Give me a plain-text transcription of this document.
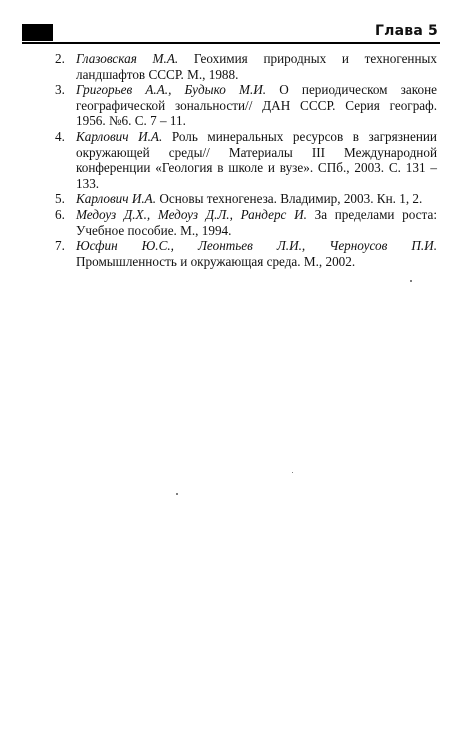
Глава 5
2. Глазовская М.А. Геохимия природных и техногенных ландшафтов СССР. М., 1988.
3. Григорьев А.А., Будыко М.И. О периодическом законе географической зональности// ДАН СССР. Серия географ. 1956. №6. С. 7 – 11.
4. Карлович И.А. Роль минеральных ресурсов в загрязнении окружающей среды// Материалы III Международной конференции «Геология в школе и вузе». СПб., 2003. С. 131 – 133.
5. Карлович И.А. Основы техногенеза. Владимир, 2003. Кн. 1, 2.
6. Медоуз Д.Х., Медоуз Д.Л., Рандерс И. За пределами роста: Учебное пособие. М., 1994.
7. Юсфин Ю.С., Леонтьев Л.И., Черноусов П.И. Промышленность и окружающая среда. М., 2002.
